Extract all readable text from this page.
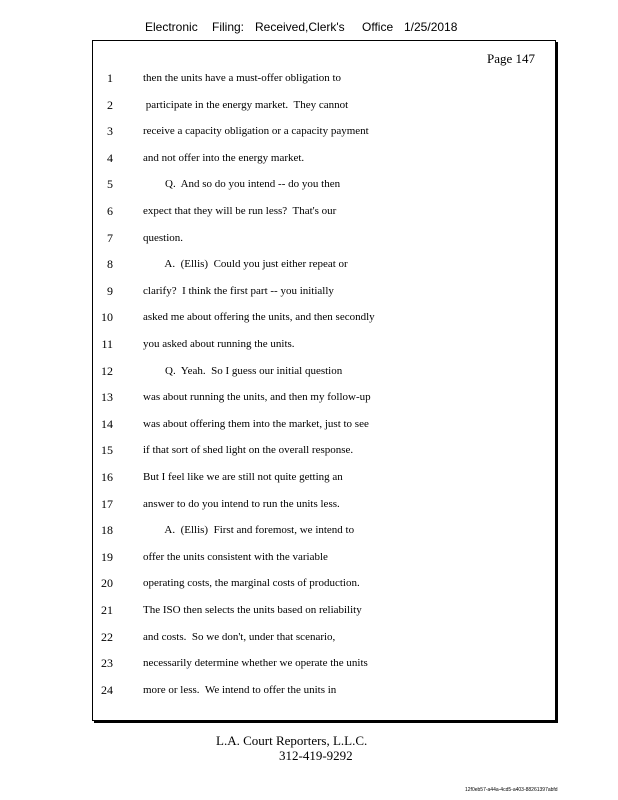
Electronic Filing: Received,Clerk's Office 1/25/2018
Page 147
1	then the units have a must-offer obligation to
2	participate in the energy market.  They cannot
3	receive a capacity obligation or a capacity payment
4	and not offer into the energy market.
5	Q.  And so do you intend -- do you then
6	expect that they will be run less?  That's our
7	question.
8	A.  (Ellis)  Could you just either repeat or
9	clarify?  I think the first part -- you initially
10	asked me about offering the units, and then secondly
11	you asked about running the units.
12	Q.  Yeah.  So I guess our initial question
13	was about running the units, and then my follow-up
14	was about offering them into the market, just to see
15	if that sort of shed light on the overall response.
16	But I feel like we are still not quite getting an
17	answer to do you intend to run the units less.
18	A.  (Ellis)  First and foremost, we intend to
19	offer the units consistent with the variable
20	operating costs, the marginal costs of production.
21	The ISO then selects the units based on reliability
22	and costs.  So we don't, under that scenario,
23	necessarily determine whether we operate the units
24	more or less.  We intend to offer the units in
L.A. Court Reporters, L.L.C.
312-419-9292
12f0eb57-a44a-4cd5-a403-88261397abfd
